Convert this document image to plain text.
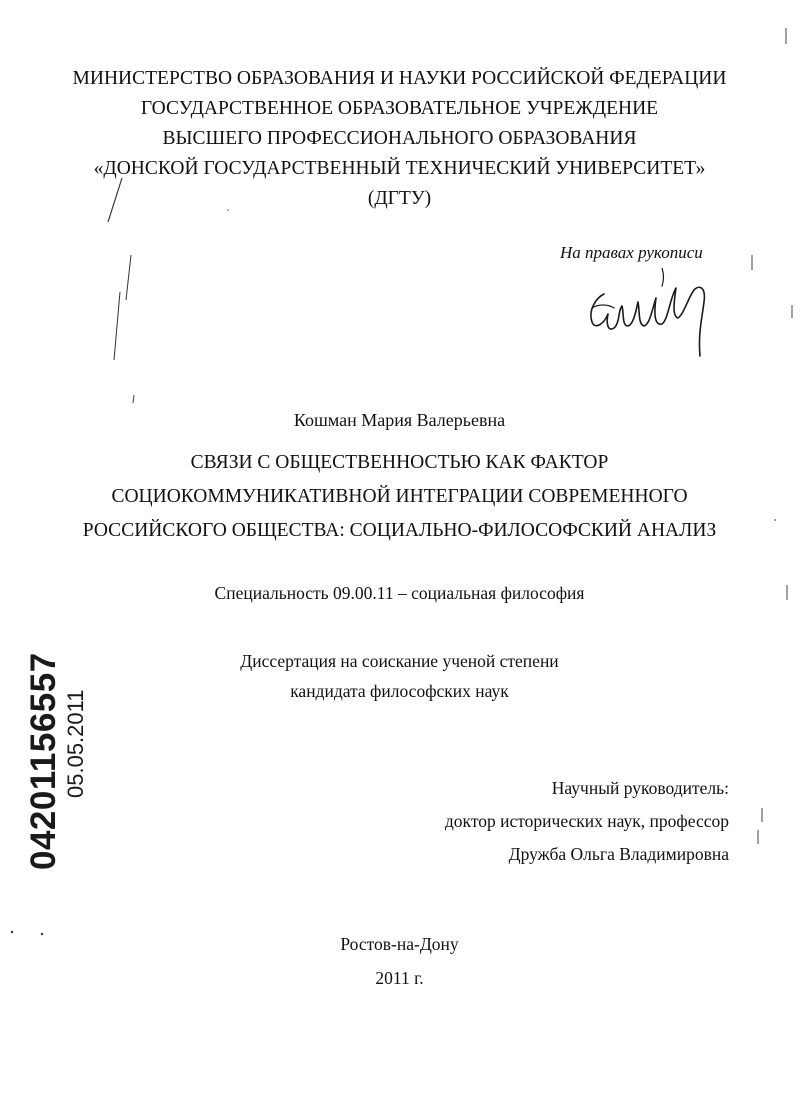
МИНИСТЕРСТВО ОБРАЗОВАНИЯ И НАУКИ РОССИЙСКОЙ ФЕДЕРАЦИИ
ГОСУДАРСТВЕННОЕ ОБРАЗОВАТЕЛЬНОЕ УЧРЕЖДЕНИЕ
ВЫСШЕГО ПРОФЕССИОНАЛЬНОГО ОБРАЗОВАНИЯ
«ДОНСКОЙ ГОСУДАРСТВЕННЫЙ ТЕХНИЧЕСКИЙ УНИВЕРСИТЕТ»
(ДГТУ)
На правах рукописи
Кошман Мария Валерьевна
СВЯЗИ С ОБЩЕСТВЕННОСТЬЮ КАК ФАКТОР
СОЦИОКОММУНИКАТИВНОЙ ИНТЕГРАЦИИ СОВРЕМЕННОГО
РОССИЙСКОГО ОБЩЕСТВА: СОЦИАЛЬНО-ФИЛОСОФСКИЙ АНАЛИЗ
Специальность 09.00.11 – социальная философия
Диссертация на соискание ученой степени
кандидата философских наук
Научный руководитель:
доктор исторических наук, профессор
Дружба Ольга Владимировна
Ростов-на-Дону
2011 г.
04201156557 05.05.2011
